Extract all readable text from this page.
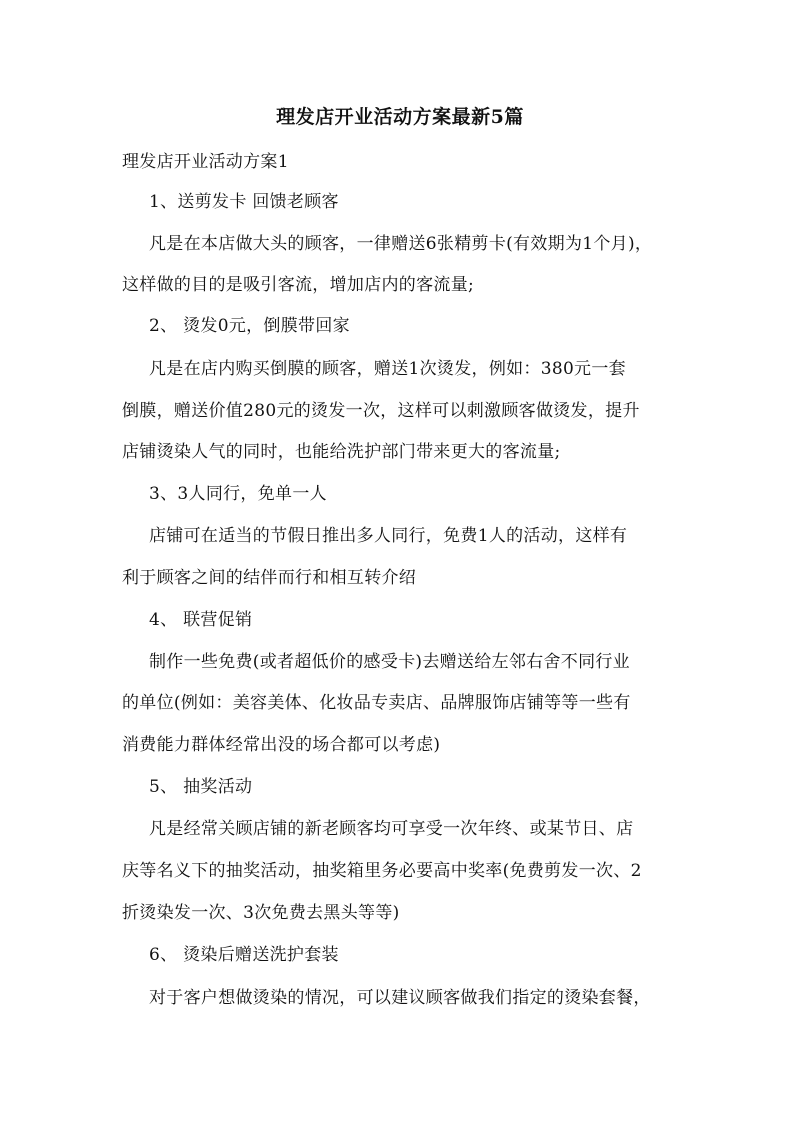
理发店开业活动方案最新5篇
理发店开业活动方案1
1、送剪发卡 回馈老顾客
凡是在本店做大头的顾客，一律赠送6张精剪卡(有效期为1个月)，
这样做的目的是吸引客流，增加店内的客流量;
2、 烫发0元，倒膜带回家
凡是在店内购买倒膜的顾客，赠送1次烫发，例如：380元一套
倒膜，赠送价值280元的烫发一次，这样可以刺激顾客做烫发，提升
店铺烫染人气的同时，也能给洗护部门带来更大的客流量;
3、3人同行，免单一人
店铺可在适当的节假日推出多人同行，免费1人的活动，这样有
利于顾客之间的结伴而行和相互转介绍
4、 联营促销
制作一些免费(或者超低价的感受卡)去赠送给左邻右舍不同行业
的单位(例如：美容美体、化妆品专卖店、品牌服饰店铺等等一些有
消费能力群体经常出没的场合都可以考虑)
5、 抽奖活动
凡是经常关顾店铺的新老顾客均可享受一次年终、或某节日、店
庆等名义下的抽奖活动，抽奖箱里务必要高中奖率(免费剪发一次、2
折烫染发一次、3次免费去黑头等等)
6、 烫染后赠送洗护套装
对于客户想做烫染的情况，可以建议顾客做我们指定的烫染套餐，
